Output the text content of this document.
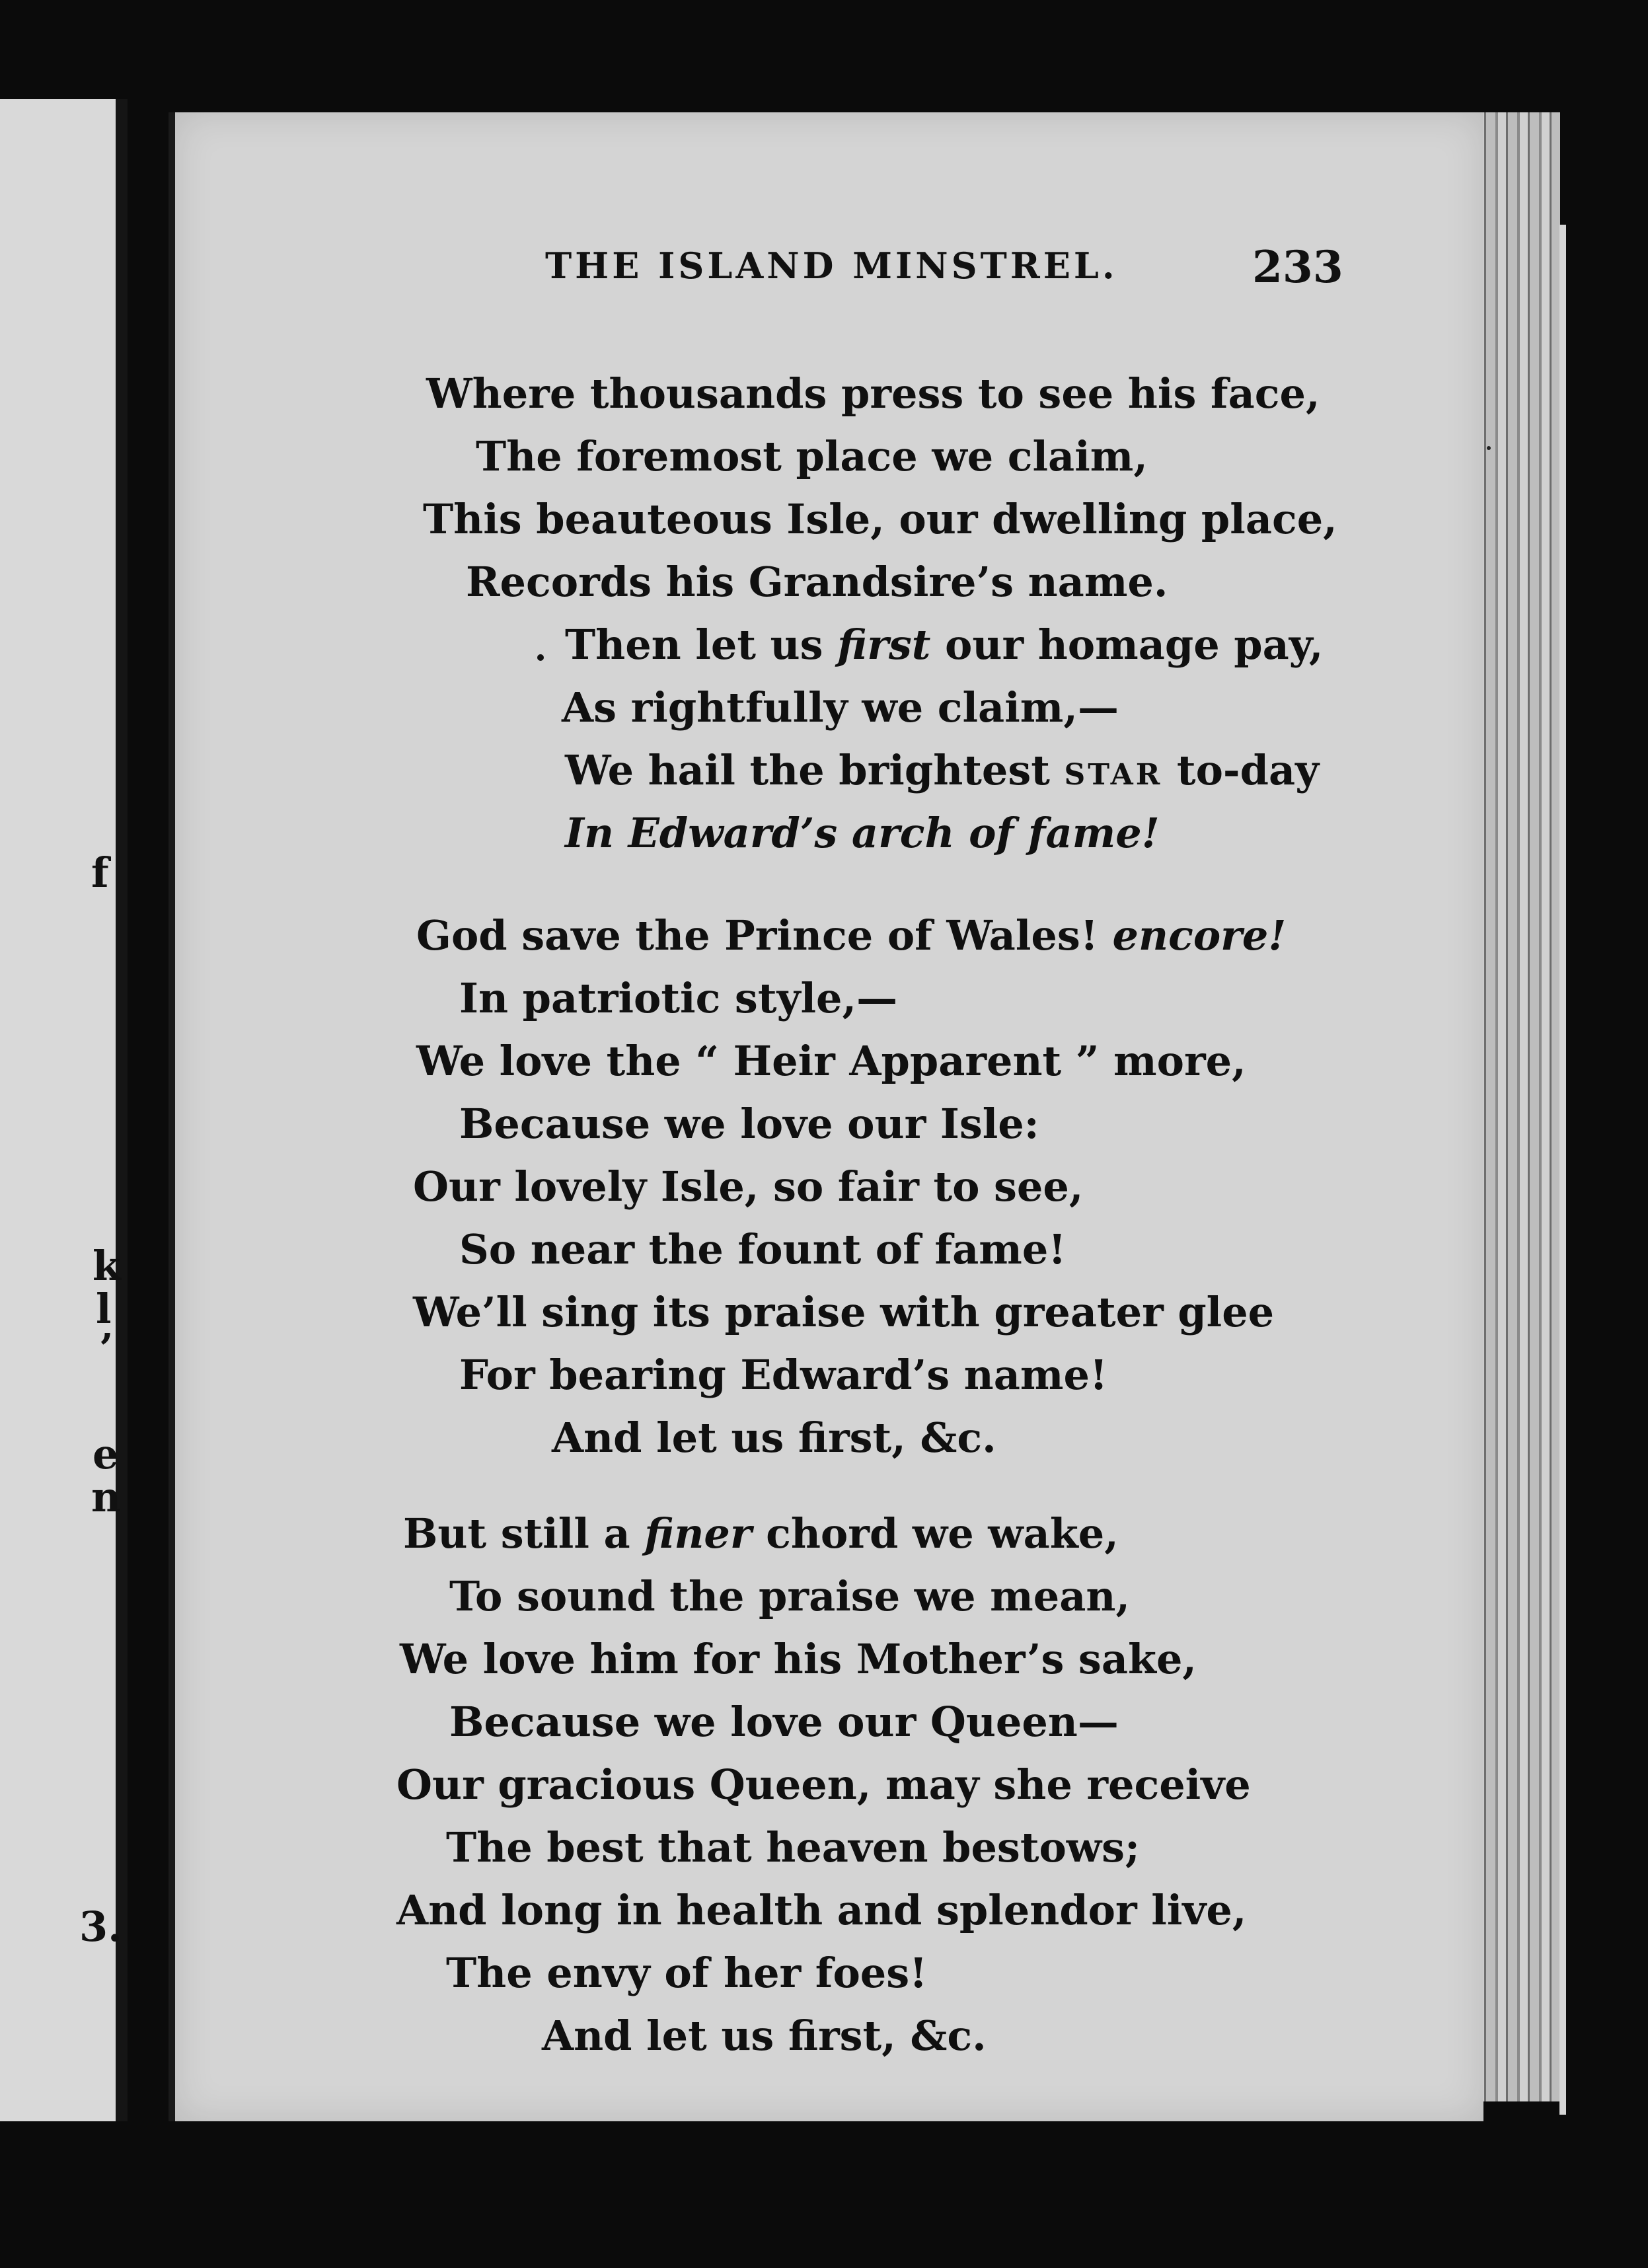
f
k
l
’
e
n
3.
THE ISLAND MINSTREL.	233
Where thousands press to see his face,
The foremost place we claim,
This beauteous Isle, our dwelling place,
Records his Grandsire’s name.
Then let us first our homage pay,
As rightfully we claim,—
We hail the brightest STAR to-day
In Edward’s arch of fame!
God save the Prince of Wales! encore!
In patriotic style,—
We love the “ Heir Apparent ” more,
Because we love our Isle:
Our lovely Isle, so fair to see,
So near the fount of fame!
We’ll sing its praise with greater glee
For bearing Edward’s name!
And let us first, &c.
But still a finer chord we wake,
To sound the praise we mean,
We love him for his Mother’s sake,
Because we love our Queen—
Our gracious Queen, may she receive
The best that heaven bestows;
And long in health and splendor live,
The envy of her foes!
And let us first, &c.
